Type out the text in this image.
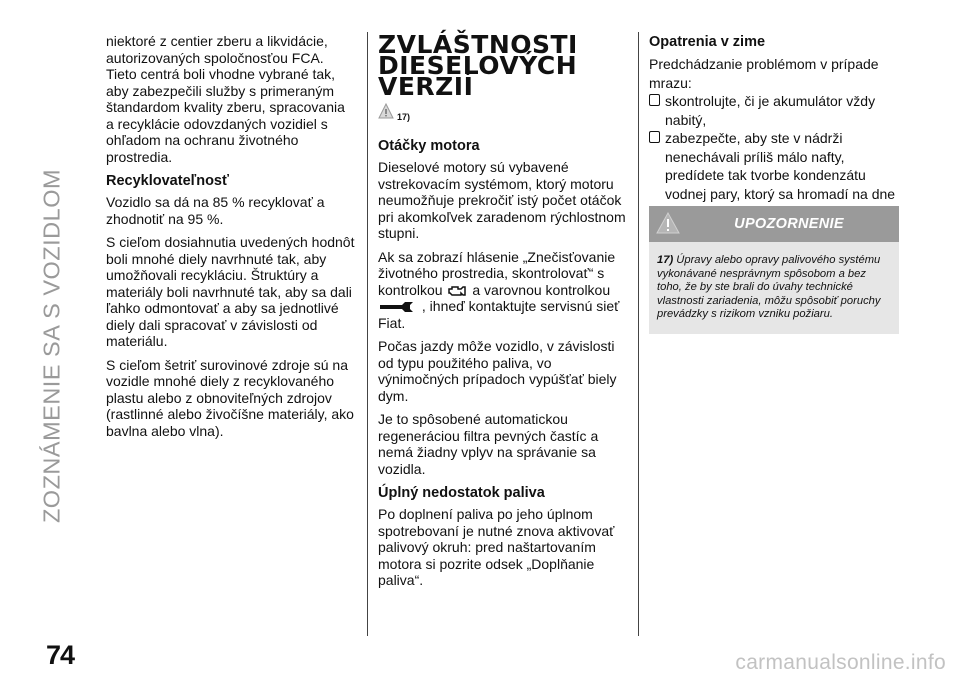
ZOZNÁMENIE SA S VOZIDLOM
74

niektoré z centier zberu a likvidácie, autorizovaných spoločnosťou FCA. Tieto centrá boli vhodne vybrané tak, aby zabezpečili služby s primeraným štandardom kvality zberu, spracovania a recyklácie odovzdaných vozidiel s ohľadom na ochranu životného prostredia.

Recyklovateľnosť

Vozidlo sa dá na 85 % recyklovať a zhodnotiť na 95 %.

S cieľom dosiahnutia uvedených hodnôt boli mnohé diely navrhnuté tak, aby umožňovali recykláciu. Štruktúry a materiály boli navrhnuté tak, aby sa dali ľahko odmontovať a aby sa jednotlivé diely dali spracovať v závislosti od materiálu.

S cieľom šetriť surovinové zdroje sú na vozidle mnohé diely z recyklovaného plastu alebo z obnoviteľných zdrojov (rastlinné alebo živočíšne materiály, ako bavlna alebo vlna).

ZVLÁŠTNOSTI
DIESELOVÝCH
VERZIÍ
17)
Otáčky motora

Dieselové motory sú vybavené vstrekovacím systémom, ktorý motoru neumožňuje prekročiť istý počet otáčok pri akomkoľvek zaradenom rýchlostnom stupni.

Ak sa zobrazí hlásenie „Znečisťovanie životného prostredia, skontrolovať“ s kontrolkou a varovnou kontrolkou
, ihneď kontaktujte servisnú sieť Fiat.

Počas jazdy môže vozidlo, v závislosti od typu použitého paliva, vo výnimočných prípadoch vypúšťať biely dym.

Je to spôsobené automatickou regeneráciou filtra pevných častíc a nemá žiadny vplyv na správanie sa vozidla.

Úplný nedostatok paliva

Po doplnení paliva po jeho úplnom spotrebovaní je nutné znova aktivovať palivový okruh: pred naštartovaním motora si pozrite odsek „Doplňanie paliva“.

Opatrenia v zime

Predchádzanie problémom v prípade mrazu:

skontrolujte, či je akumulátor vždy nabitý,
zabezpečte, aby ste v nádrži nenechávali príliš málo nafty, predídete tak tvorbe kondenzátu vodnej pary, ktorý sa hromadí na dne
UPOZORNENIE
17) Úpravy alebo opravy palivového systému vykonávané nesprávnym spôsobom a bez toho, že by ste brali do úvahy technické vlastnosti zariadenia, môžu spôsobiť poruchy prevádzky s rizikom vzniku požiaru.
carmanualsonline.info
